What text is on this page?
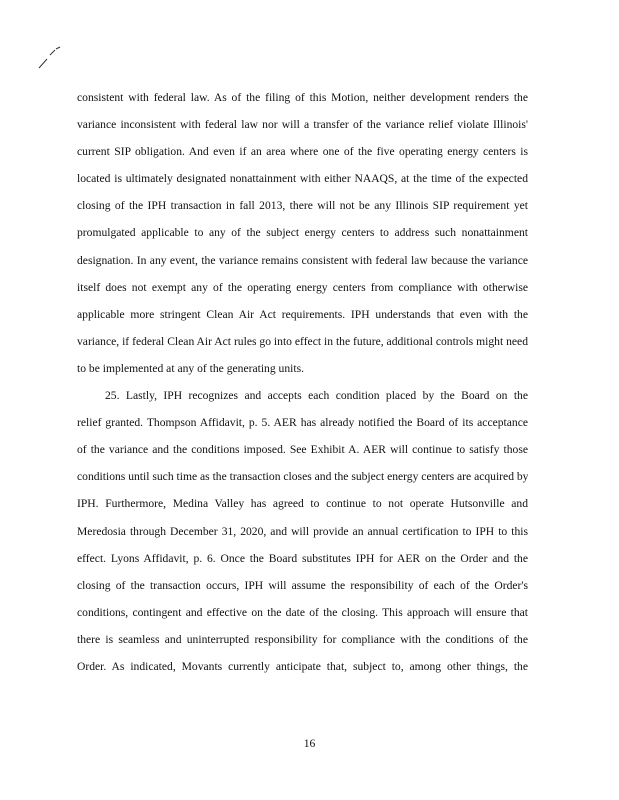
consistent with federal law. As of the filing of this Motion, neither development renders the
variance inconsistent with federal law nor will a transfer of the variance relief violate Illinois'
current SIP obligation. And even if an area where one of the five operating energy centers is
located is ultimately designated nonattainment with either NAAQS, at the time of the expected
closing of the IPH transaction in fall 2013, there will not be any Illinois SIP requirement yet
promulgated applicable to any of the subject energy centers to address such nonattainment
designation. In any event, the variance remains consistent with federal law because the variance
itself does not exempt any of the operating energy centers from compliance with otherwise
applicable more stringent Clean Air Act requirements. IPH understands that even with the
variance, if federal Clean Air Act rules go into effect in the future, additional controls might need
to be implemented at any of the generating units.
25. Lastly, IPH recognizes and accepts each condition placed by the Board on the
relief granted. Thompson Affidavit, p. 5. AER has already notified the Board of its acceptance
of the variance and the conditions imposed. See Exhibit A. AER will continue to satisfy those
conditions until such time as the transaction closes and the subject energy centers are acquired by
IPH. Furthermore, Medina Valley has agreed to continue to not operate Hutsonville and
Meredosia through December 31, 2020, and will provide an annual certification to IPH to this
effect. Lyons Affidavit, p. 6. Once the Board substitutes IPH for AER on the Order and the
closing of the transaction occurs, IPH will assume the responsibility of each of the Order's
conditions, contingent and effective on the date of the closing. This approach will ensure that
there is seamless and uninterrupted responsibility for compliance with the conditions of the
Order. As indicated, Movants currently anticipate that, subject to, among other things, the
16
